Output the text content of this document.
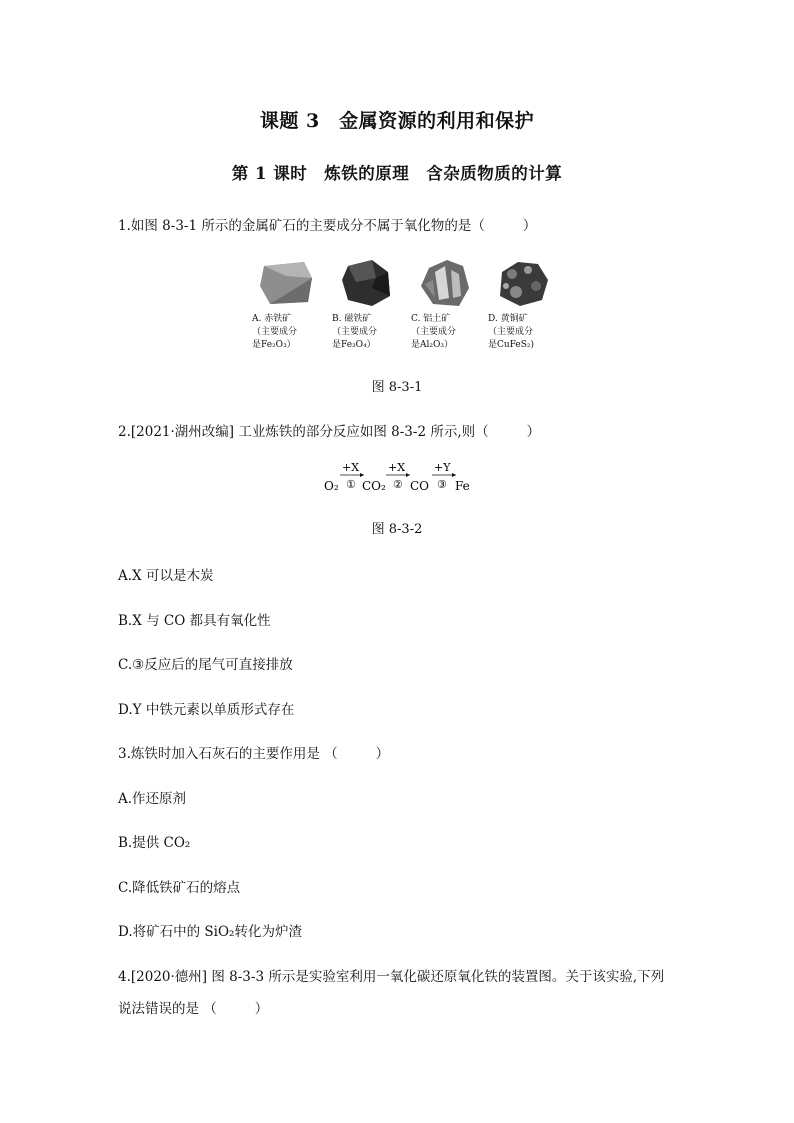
课题 3　金属资源的利用和保护
第 1 课时　炼铁的原理　含杂质物质的计算
1.如图 8-3-1 所示的金属矿石的主要成分不属于氧化物的是（	）
A. 赤铁矿
（主要成分
是Fe₂O₃）
B. 磁铁矿
（主要成分
是Fe₃O₄）
C. 铝土矿
（主要成分
是Al₂O₃）
D. 黄铜矿
（主要成分
是CuFeS₂)
图 8-3-1
2.[2021·湖州改编] 工业炼铁的部分反应如图 8-3-2 所示,则（	）
+X	+X	+Y
O₂ ① CO₂ ② CO ③ Fe
图 8-3-2
A.X 可以是木炭
B.X 与 CO 都具有氧化性
C.③反应后的尾气可直接排放
D.Y 中铁元素以单质形式存在
3.炼铁时加入石灰石的主要作用是 （	）
A.作还原剂
B.提供 CO₂
C.降低铁矿石的熔点
D.将矿石中的 SiO₂转化为炉渣
4.[2020·德州] 图 8-3-3 所示是实验室利用一氧化碳还原氧化铁的装置图。关于该实验,下列
说法错误的是 （	）
